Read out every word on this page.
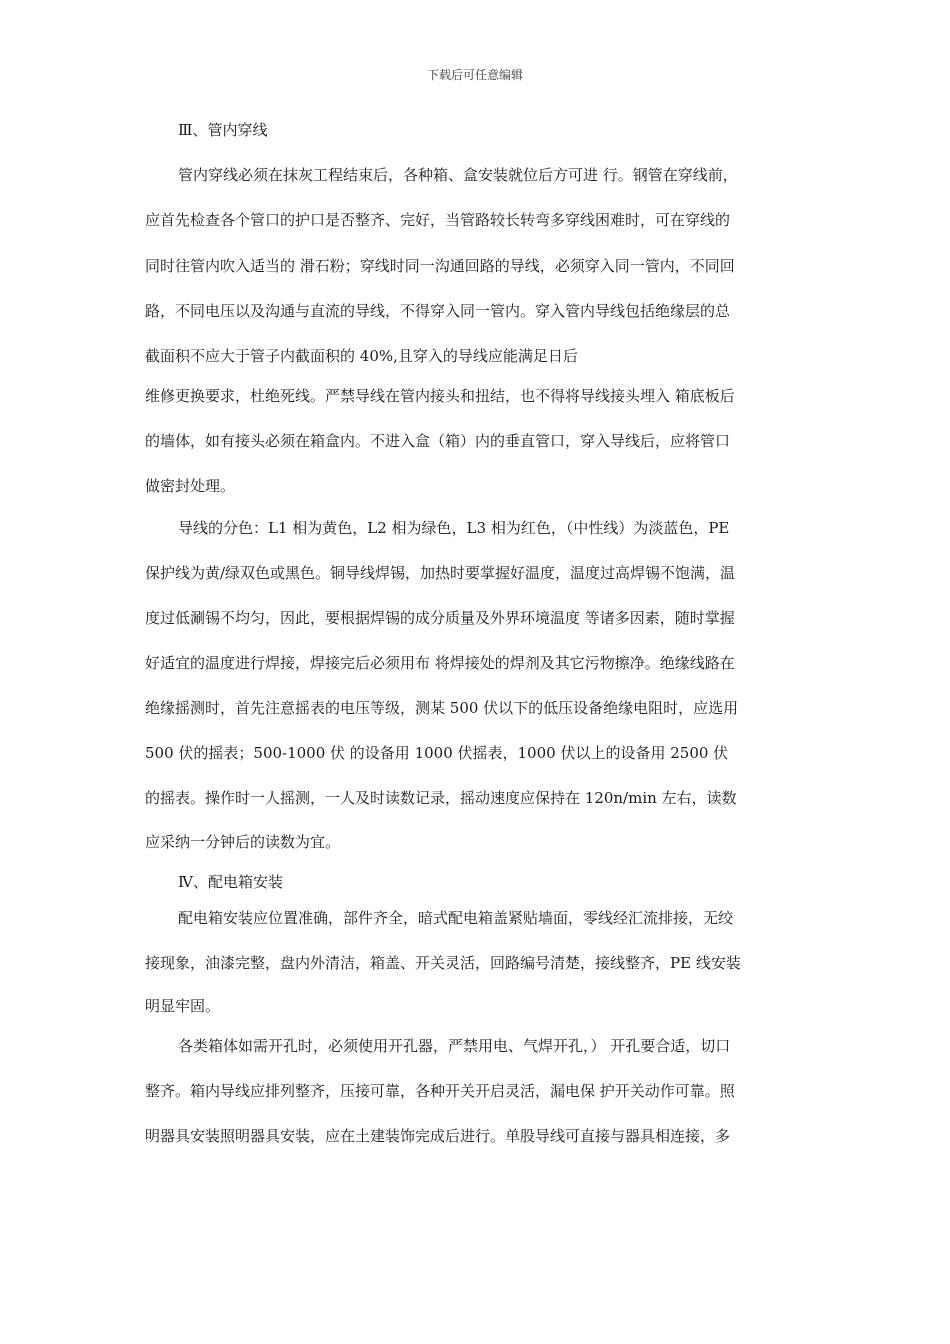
下载后可任意编辑
Ⅲ、管内穿线
管内穿线必须在抹灰工程结束后，各种箱、盒安装就位后方可进 行。钢管在穿线前，
应首先检查各个管口的护口是否整齐、完好，当管路较长转弯多穿线困难时，可在穿线的
同时往管内吹入适当的 滑石粉；穿线时同一沟通回路的导线，必须穿入同一管内，不同回
路，不同电压以及沟通与直流的导线，不得穿入同一管内。穿入管内导线包括绝缘层的总
截面积不应大于管子内截面积的 40%,且穿入的导线应能满足日后
维修更换要求，杜绝死线。严禁导线在管内接头和扭结，也不得将导线接头埋入 箱底板后
的墙体，如有接头必须在箱盒内。不进入盒（箱）内的垂直管口，穿入导线后，应将管口
做密封处理。
导线的分色：L1 相为黄色，L2 相为绿色，L3 相为红色，（中性线）为淡蓝色，PE
保护线为黄/绿双色或黑色。铜导线焊锡，加热时要掌握好温度，温度过高焊锡不饱满，温
度过低涮锡不均匀，因此，要根据焊锡的成分质量及外界环境温度 等诸多因素，随时掌握
好适宜的温度进行焊接，焊接完后必须用布 将焊接处的焊剂及其它污物擦净。绝缘线路在
绝缘摇测时，首先注意摇表的电压等级，测某 500 伏以下的低压设备绝缘电阻时，应选用
500 伏的摇表；500-1000 伏 的设备用 1000 伏摇表，1000 伏以上的设备用 2500 伏
的摇表。操作时一人摇测，一人及时读数记录，摇动速度应保持在 120n/min 左右，读数
应采纳一分钟后的读数为宜。
Ⅳ、配电箱安装
配电箱安装应位置准确，部件齐全，暗式配电箱盖紧贴墙面，零线经汇流排接，无绞
接现象，油漆完整，盘内外清洁，箱盖、开关灵活，回路编号清楚，接线整齐，PE 线安装
明显牢固。
各类箱体如需开孔时，必须使用开孔器，严禁用电、气焊开孔，） 开孔要合适，切口
整齐。箱内导线应排列整齐，压接可靠，各种开关开启灵活，漏电保 护开关动作可靠。照
明器具安装照明器具安装，应在土建装饰完成后进行。单股导线可直接与器具相连接，多
